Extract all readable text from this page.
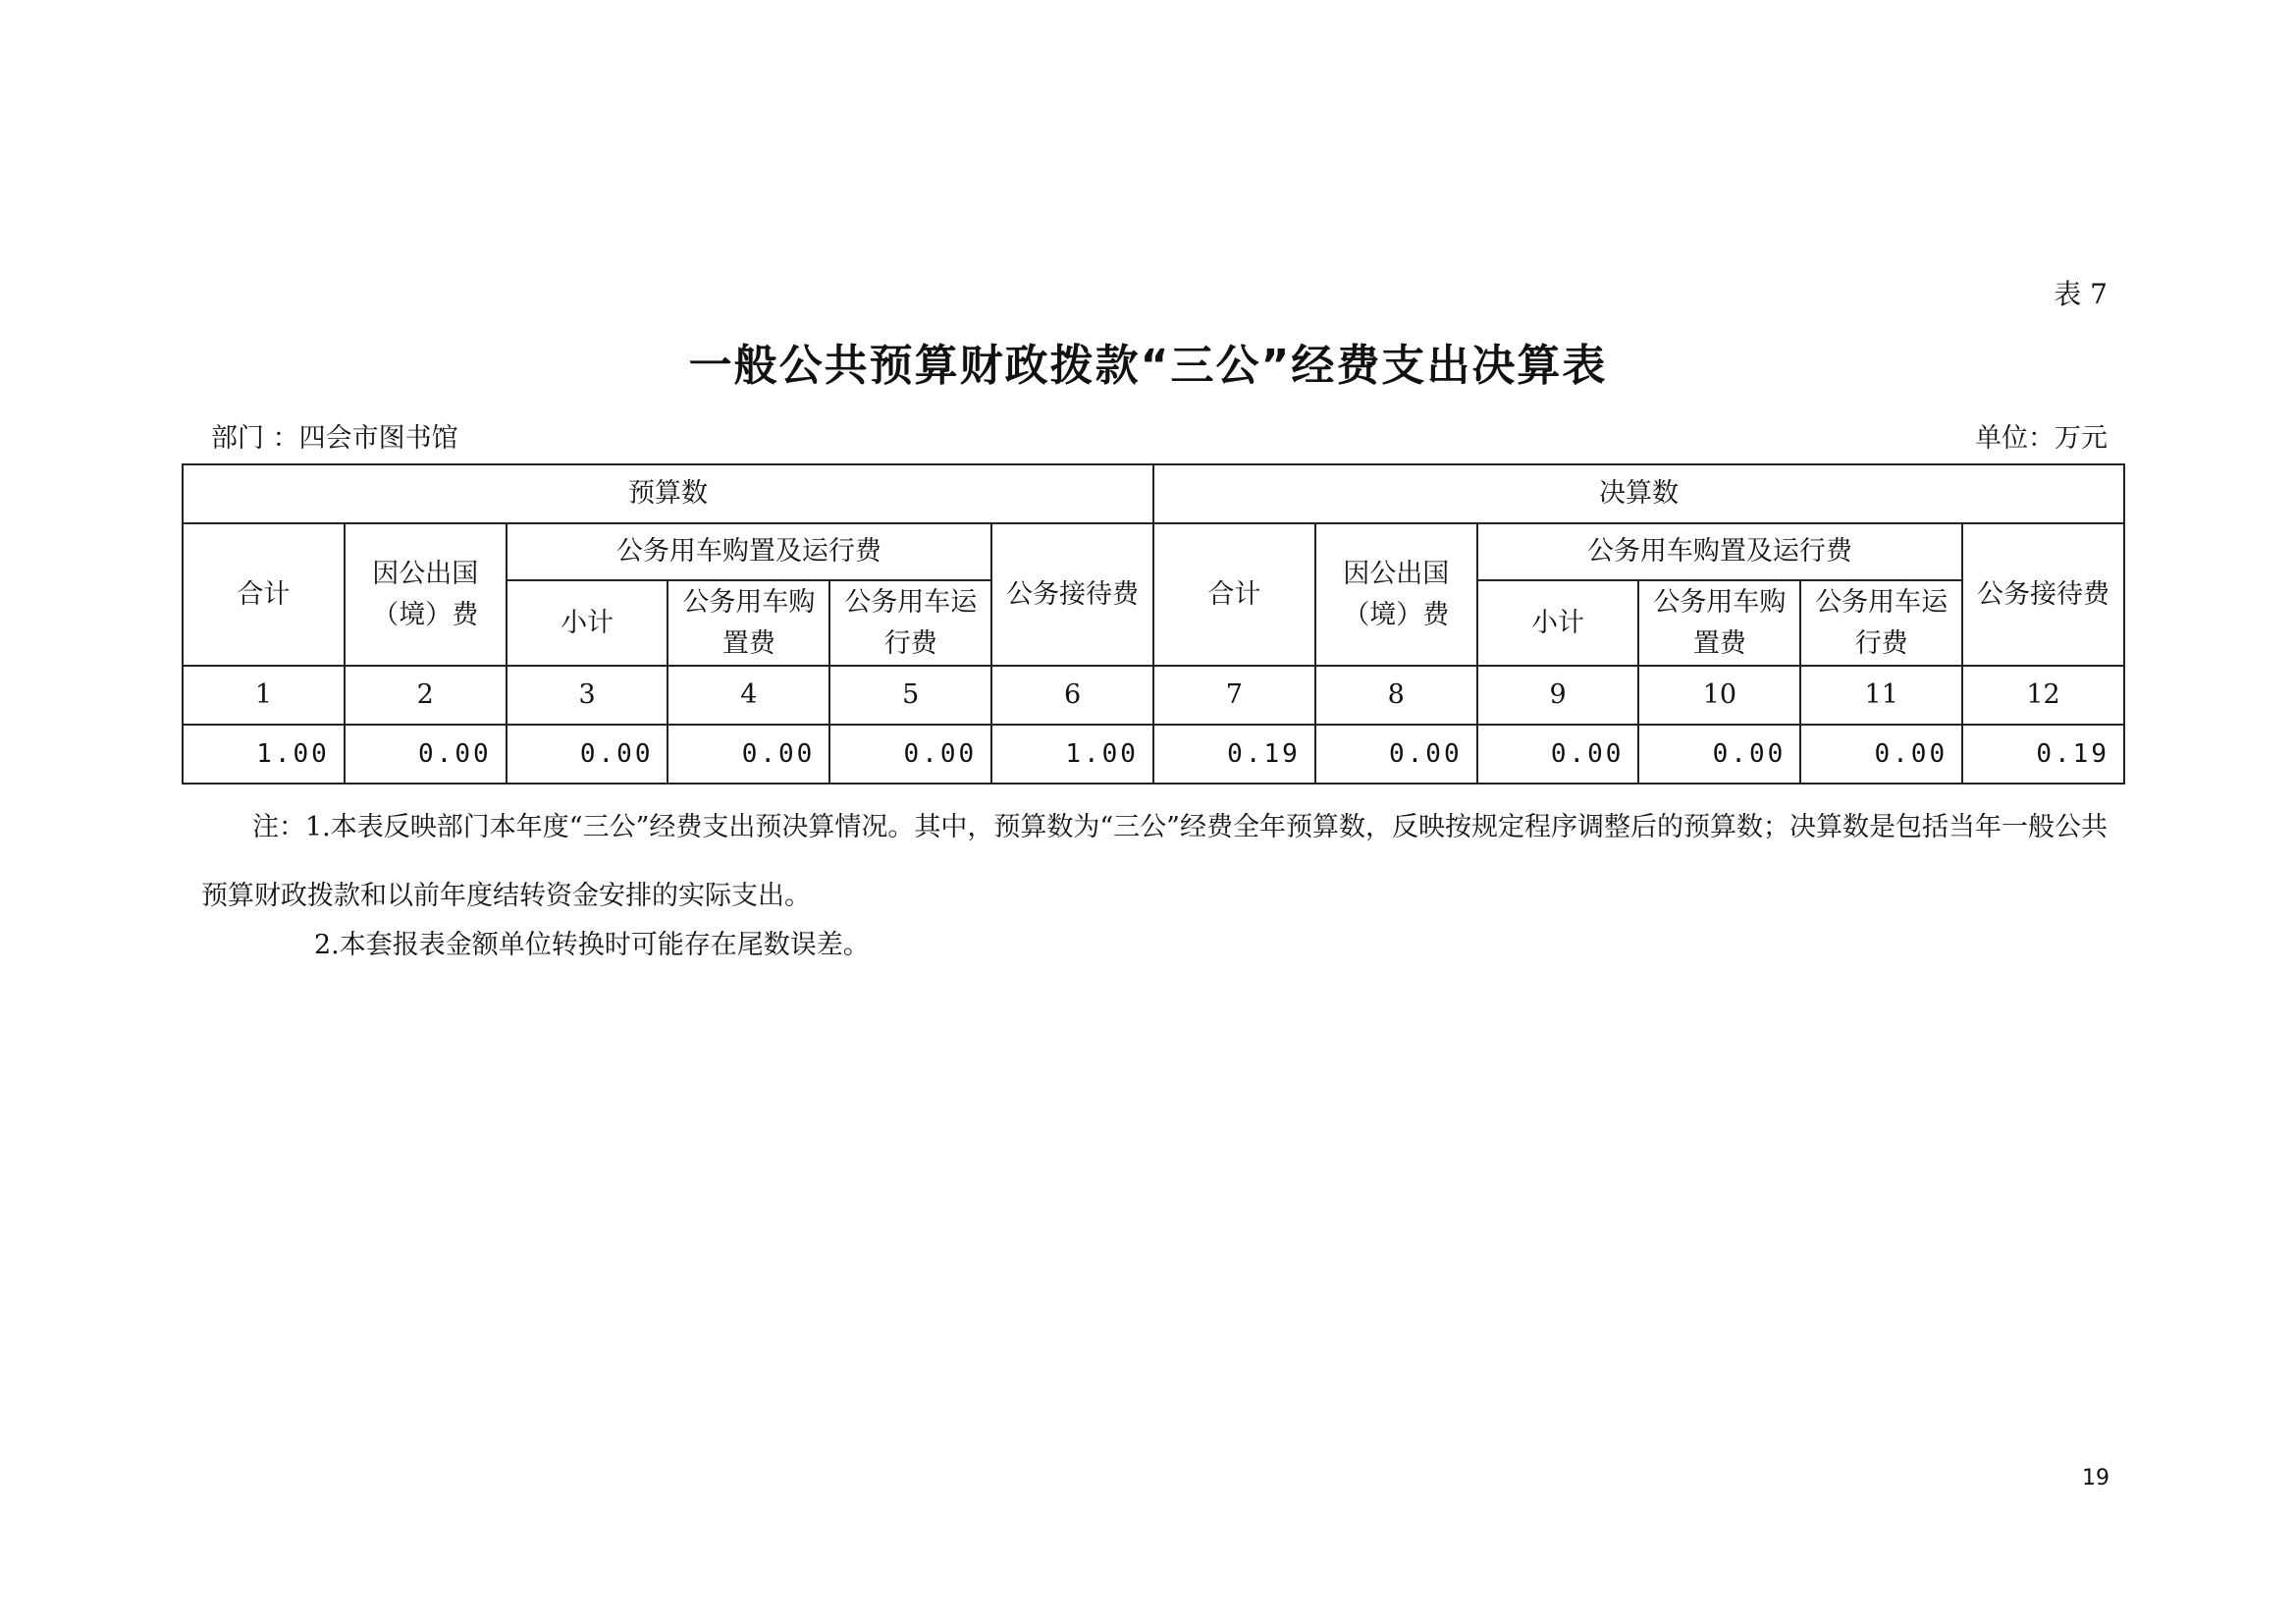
表 7
一般公共预算财政拨款“三公”经费支出决算表
部门 ：四会市图书馆	单位：万元
预算数						决算数					
合计	因公出国（境）费	公务用车购置及运行费			公务接待费	合计	因公出国（境）费	公务用车购置及运行费			公务接待费
		小计	公务用车购置费	公务用车运行费				小计	公务用车购置费	公务用车运行费	
1	2	3	4	5	6	7	8	9	10	11	12
1.00	0.00	0.00	0.00	0.00	1.00	0.19	0.00	0.00	0.00	0.00	0.19
注：1.本表反映部门本年度“三公”经费支出预决算情况。其中，预算数为“三公”经费全年预算数，反映按规定程序调整后的预算数；决算数是包括当年一般公共预算财政拨款和以前年度结转资金安排的实际支出。
2.本套报表金额单位转换时可能存在尾数误差。
19
